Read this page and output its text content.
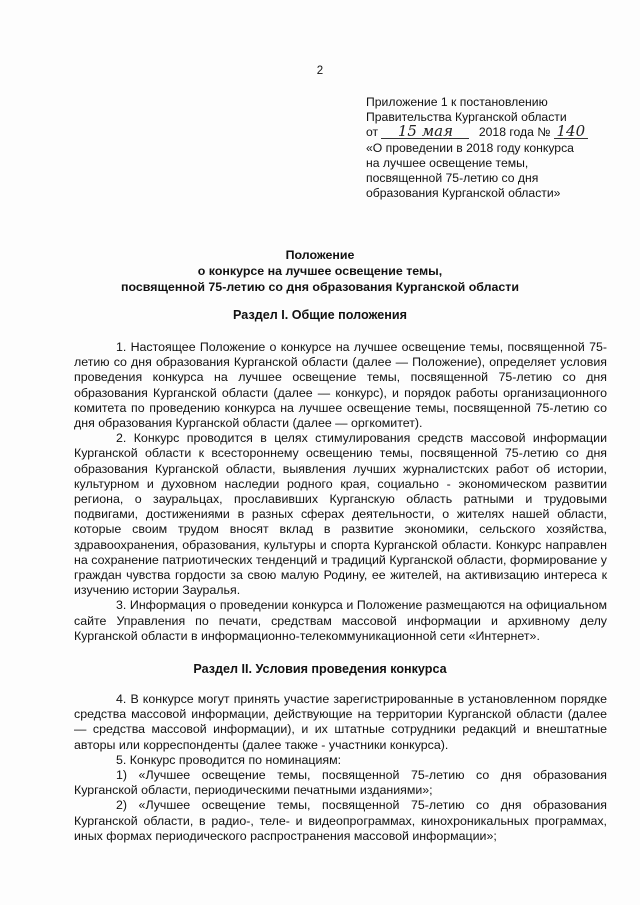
2
Приложение 1 к постановлению
Правительства Курганской области
от 15 мая 2018 года № 140
«О проведении в 2018 году конкурса
на лучшее освещение темы,
посвященной 75-летию со дня
образования Курганской области»
Положение
о конкурсе на лучшее освещение темы,
посвященной 75-летию со дня образования Курганской области
Раздел I. Общие положения

1. Настоящее Положение о конкурсе на лучшее освещение темы, посвященной 75-летию со дня образования Курганской области (далее — Положение), определяет условия проведения конкурса на лучшее освещение темы, посвященной 75-летию со дня образования Курганской области (далее — конкурс), и порядок работы организационного комитета по проведению конкурса на лучшее освещение темы, посвященной 75-летию со дня образования Курганской области (далее — оргкомитет).

2. Конкурс проводится в целях стимулирования средств массовой информации Курганской области к всестороннему освещению темы, посвященной 75-летию со дня образования Курганской области, выявления лучших журналистских работ об истории, культурном и духовном наследии родного края, социально - экономическом развитии региона, о зауральцах, прославивших Курганскую область ратными и трудовыми подвигами, достижениями в разных сферах деятельности, о жителях нашей области, которые своим трудом вносят вклад в развитие экономики, сельского хозяйства, здравоохранения, образования, культуры и спорта Курганской области. Конкурс направлен на сохранение патриотических тенденций и традиций Курганской области, формирование у граждан чувства гордости за свою малую Родину, ее жителей, на активизацию интереса к изучению истории Зауралья.

3. Информация о проведении конкурса и Положение размещаются на официальном сайте Управления по печати, средствам массовой информации и архивному делу Курганской области в информационно-телекоммуникационной сети «Интернет».

Раздел II. Условия проведения конкурса

4. В конкурсе могут принять участие зарегистрированные в установленном порядке средства массовой информации, действующие на территории Курганской области (далее — средства массовой информации), и их штатные сотрудники редакций и внештатные авторы или корреспонденты (далее также - участники конкурса).

5. Конкурс проводится по номинациям:

1) «Лучшее освещение темы, посвященной 75-летию со дня образования Курганской области, периодическими печатными изданиями»;

2) «Лучшее освещение темы, посвященной 75-летию со дня образования Курганской области, в радио-, теле- и видеопрограммах, кинохроникальных программах, иных формах периодического распространения массовой информации»;
